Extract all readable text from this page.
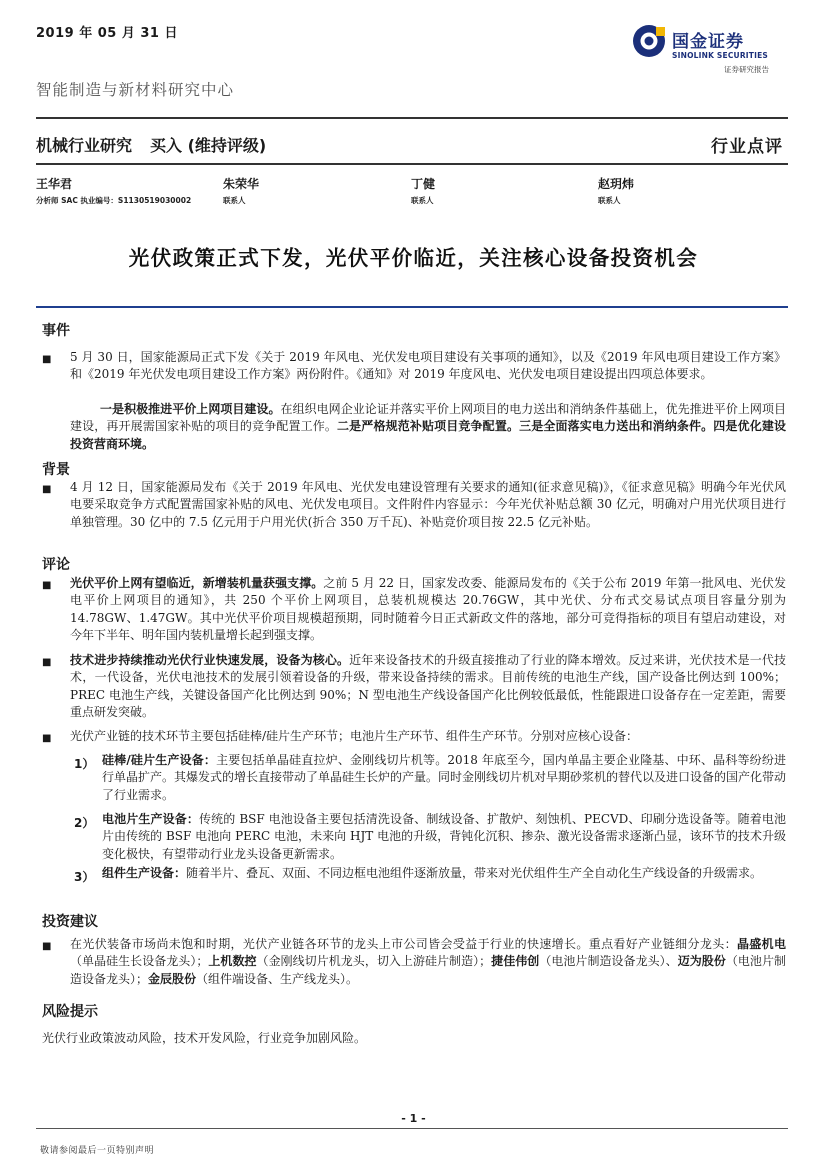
2019 年 05 月 31 日
智能制造与新材料研究中心
国金证券
SINOLINK SECURITIES
证券研究报告
机械行业研究 买入 (维持评级)	行业点评
王华君
分析师 SAC 执业编号：S1130519030002
朱荣华
联系人
丁健
联系人
赵玥炜
联系人
光伏政策正式下发，光伏平价临近，关注核心设备投资机会
事件
■ 5 月 30 日，国家能源局正式下发《关于 2019 年风电、光伏发电项目建设有关事项的通知》，以及《2019 年风电项目建设工作方案》和《2019 年光伏发电项目建设工作方案》两份附件。《通知》对 2019 年度风电、光伏发电项目建设提出四项总体要求。
一是积极推进平价上网项目建设。在组织电网企业论证并落实平价上网项目的电力送出和消纳条件基础上，优先推进平价上网项目建设，再开展需国家补贴的项目的竞争配置工作。二是严格规范补贴项目竞争配置。三是全面落实电力送出和消纳条件。四是优化建设投资营商环境。
背景
■ 4 月 12 日，国家能源局发布《关于 2019 年风电、光伏发电建设管理有关要求的通知(征求意见稿)》，《征求意见稿》明确今年光伏风电要采取竞争方式配置需国家补贴的风电、光伏发电项目。文件附件内容显示：今年光伏补贴总额 30 亿元，明确对户用光伏项目进行单独管理。30 亿中的 7.5 亿元用于户用光伏(折合 350 万千瓦)、补贴竞价项目按 22.5 亿元补贴。
评论
■ 光伏平价上网有望临近，新增装机量获强支撑。之前 5 月 22 日，国家发改委、能源局发布的《关于公布 2019 年第一批风电、光伏发电平价上网项目的通知》，共 250 个平价上网项目，总装机规模达 20.76GW，其中光伏、分布式交易试点项目容量分别为 14.78GW、1.47GW。其中光伏平价项目规模超预期，同时随着今日正式新政文件的落地，部分可竞得指标的项目有望启动建设，对今年下半年、明年国内装机量增长起到强支撑。
■ 技术进步持续推动光伏行业快速发展，设备为核心。近年来设备技术的升级直接推动了行业的降本增效。反过来讲，光伏技术是一代技术，一代设备，光伏电池技术的发展引领着设备的升级，带来设备持续的需求。目前传统的电池生产线，国产设备比例达到 100%；PREC 电池生产线，关键设备国产化比例达到 90%；N 型电池生产线设备国产化比例较低最低，性能跟进口设备存在一定差距，需要重点研发突破。
■ 光伏产业链的技术环节主要包括硅棒/硅片生产环节；电池片生产环节、组件生产环节。分别对应核心设备：
1） 硅棒/硅片生产设备：主要包括单晶硅直拉炉、金刚线切片机等。2018 年底至今，国内单晶主要企业隆基、中环、晶科等纷纷进行单晶扩产。其爆发式的增长直接带动了单晶硅生长炉的产量。同时金刚线切片机对早期砂浆机的替代以及进口设备的国产化带动了行业需求。
2） 电池片生产设备：传统的 BSF 电池设备主要包括清洗设备、制绒设备、扩散炉、刻蚀机、PECVD、印刷分选设备等。随着电池片由传统的 BSF 电池向 PERC 电池，未来向 HJT 电池的升级，背钝化沉积、掺杂、激光设备需求逐渐凸显，该环节的技术升级变化极快，有望带动行业龙头设备更新需求。
3） 组件生产设备：随着半片、叠瓦、双面、不同边框电池组件逐渐放量，带来对光伏组件生产全自动化生产线设备的升级需求。
投资建议
■ 在光伏装备市场尚未饱和时期，光伏产业链各环节的龙头上市公司皆会受益于行业的快速增长。重点看好产业链细分龙头：晶盛机电（单晶硅生长设备龙头）；上机数控（金刚线切片机龙头，切入上游硅片制造）；捷佳伟创（电池片制造设备龙头）、迈为股份（电池片制造设备龙头）；金辰股份（组件端设备、生产线龙头）。
风险提示
光伏行业政策波动风险，技术开发风险，行业竞争加剧风险。
- 1 -
敬请参阅最后一页特别声明
